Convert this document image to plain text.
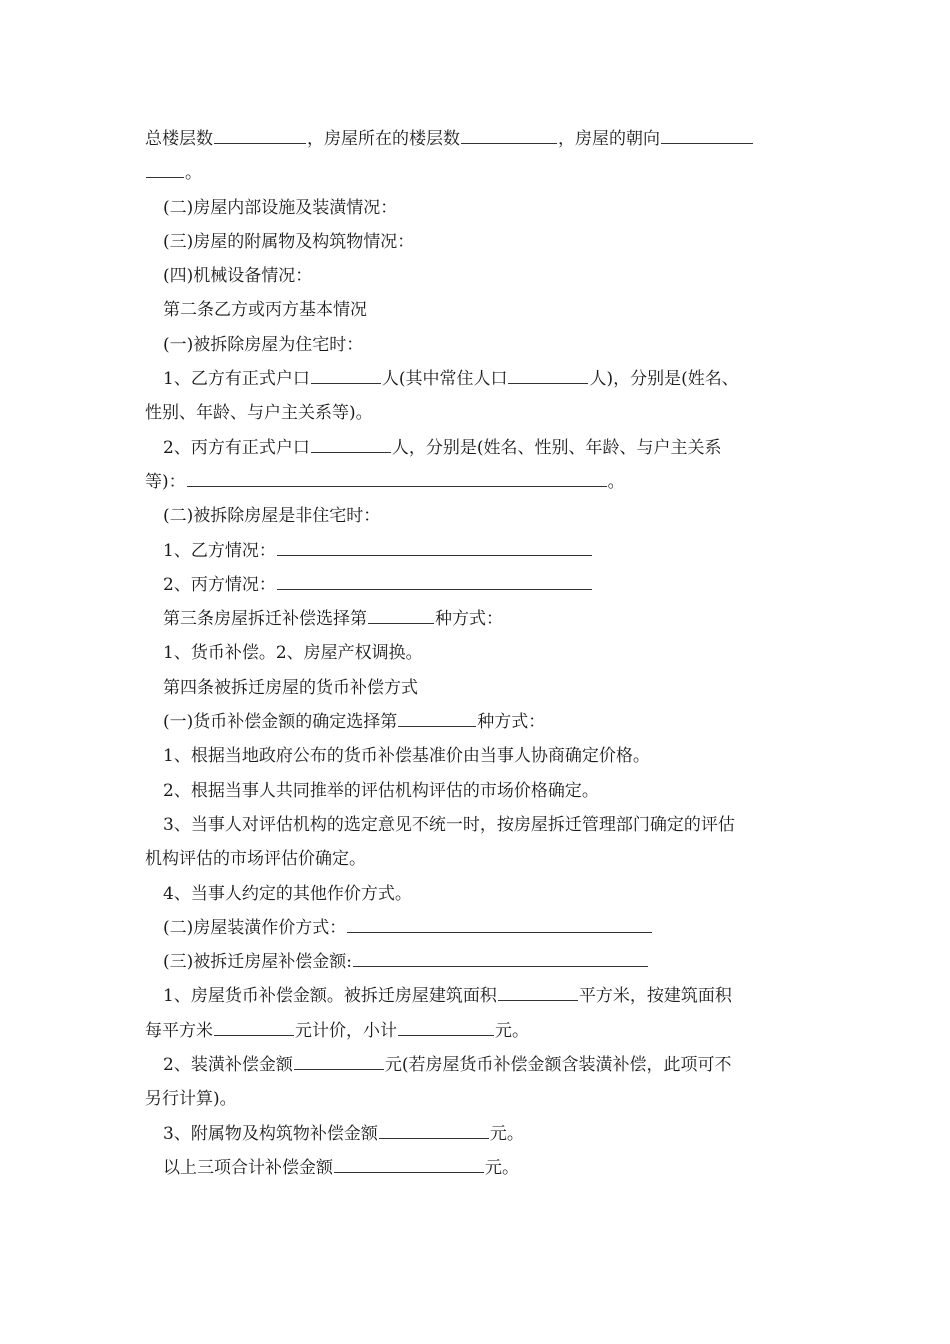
总楼层数	，房屋所在的楼层数	，房屋的朝向
。
(二)房屋内部设施及装潢情况：
(三)房屋的附属物及构筑物情况：
(四)机械设备情况：
第二条乙方或丙方基本情况
(一)被拆除房屋为住宅时：
1、乙方有正式户口	人(其中常住人口	人)，分别是(姓名、
性别、年龄、与户主关系等)。
2、丙方有正式户口	人，分别是(姓名、性别、年龄、与户主关系
等)：	。
(二)被拆除房屋是非住宅时：
1、乙方情况：
2、丙方情况：
第三条房屋拆迁补偿选择第	种方式：
1、货币补偿。2、房屋产权调换。
第四条被拆迁房屋的货币补偿方式
(一)货币补偿金额的确定选择第	种方式：
1、根据当地政府公布的货币补偿基准价由当事人协商确定价格。
2、根据当事人共同推举的评估机构评估的市场价格确定。
3、当事人对评估机构的选定意见不统一时，按房屋拆迁管理部门确定的评估
机构评估的市场评估价确定。
4、当事人约定的其他作价方式。
(二)房屋装潢作价方式：
(三)被拆迁房屋补偿金额:
1、房屋货币补偿金额。被拆迁房屋建筑面积	平方米，按建筑面积
每平方米	元计价，小计	元。
2、装潢补偿金额	元(若房屋货币补偿金额含装潢补偿，此项可不
另行计算)。
3、附属物及构筑物补偿金额	元。
以上三项合计补偿金额	元。
